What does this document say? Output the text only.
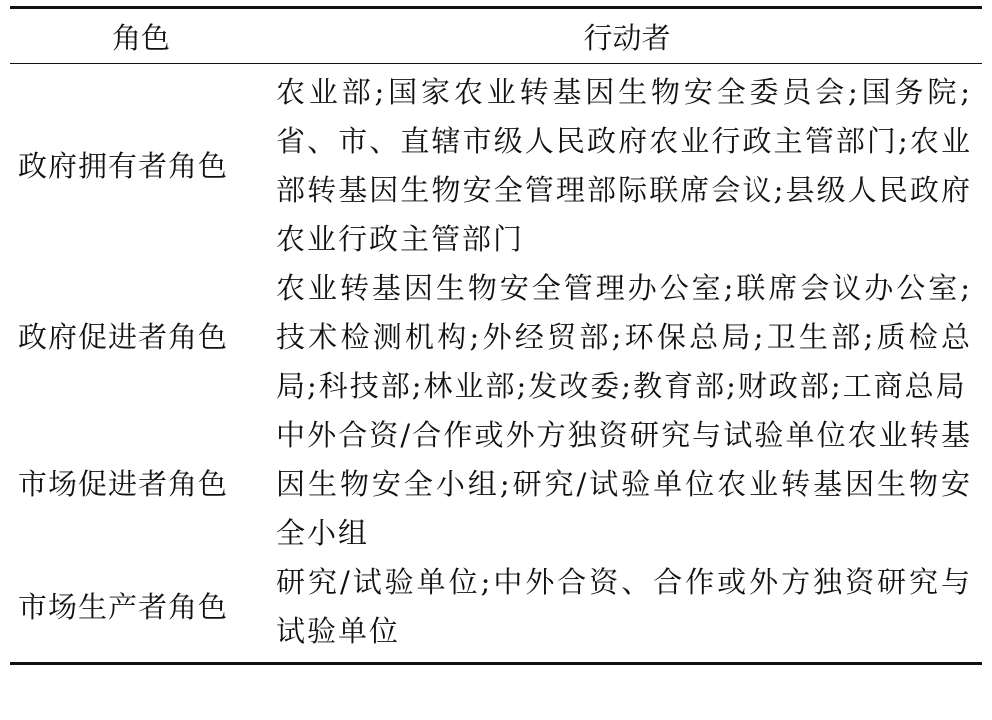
角色	行动者
政府拥有者角色	农业部;国家农业转基因生物安全委员会;国务院;省、市、直辖市级人民政府农业行政主管部门;农业部转基因生物安全管理部际联席会议;县级人民政府农业行政主管部门
政府促进者角色	农业转基因生物安全管理办公室;联席会议办公室;技术检测机构;外经贸部;环保总局;卫生部;质检总局;科技部;林业部;发改委;教育部;财政部;工商总局
市场促进者角色	中外合资/合作或外方独资研究与试验单位农业转基因生物安全小组;研究/试验单位农业转基因生物安全小组
市场生产者角色	研究/试验单位;中外合资、合作或外方独资研究与试验单位
